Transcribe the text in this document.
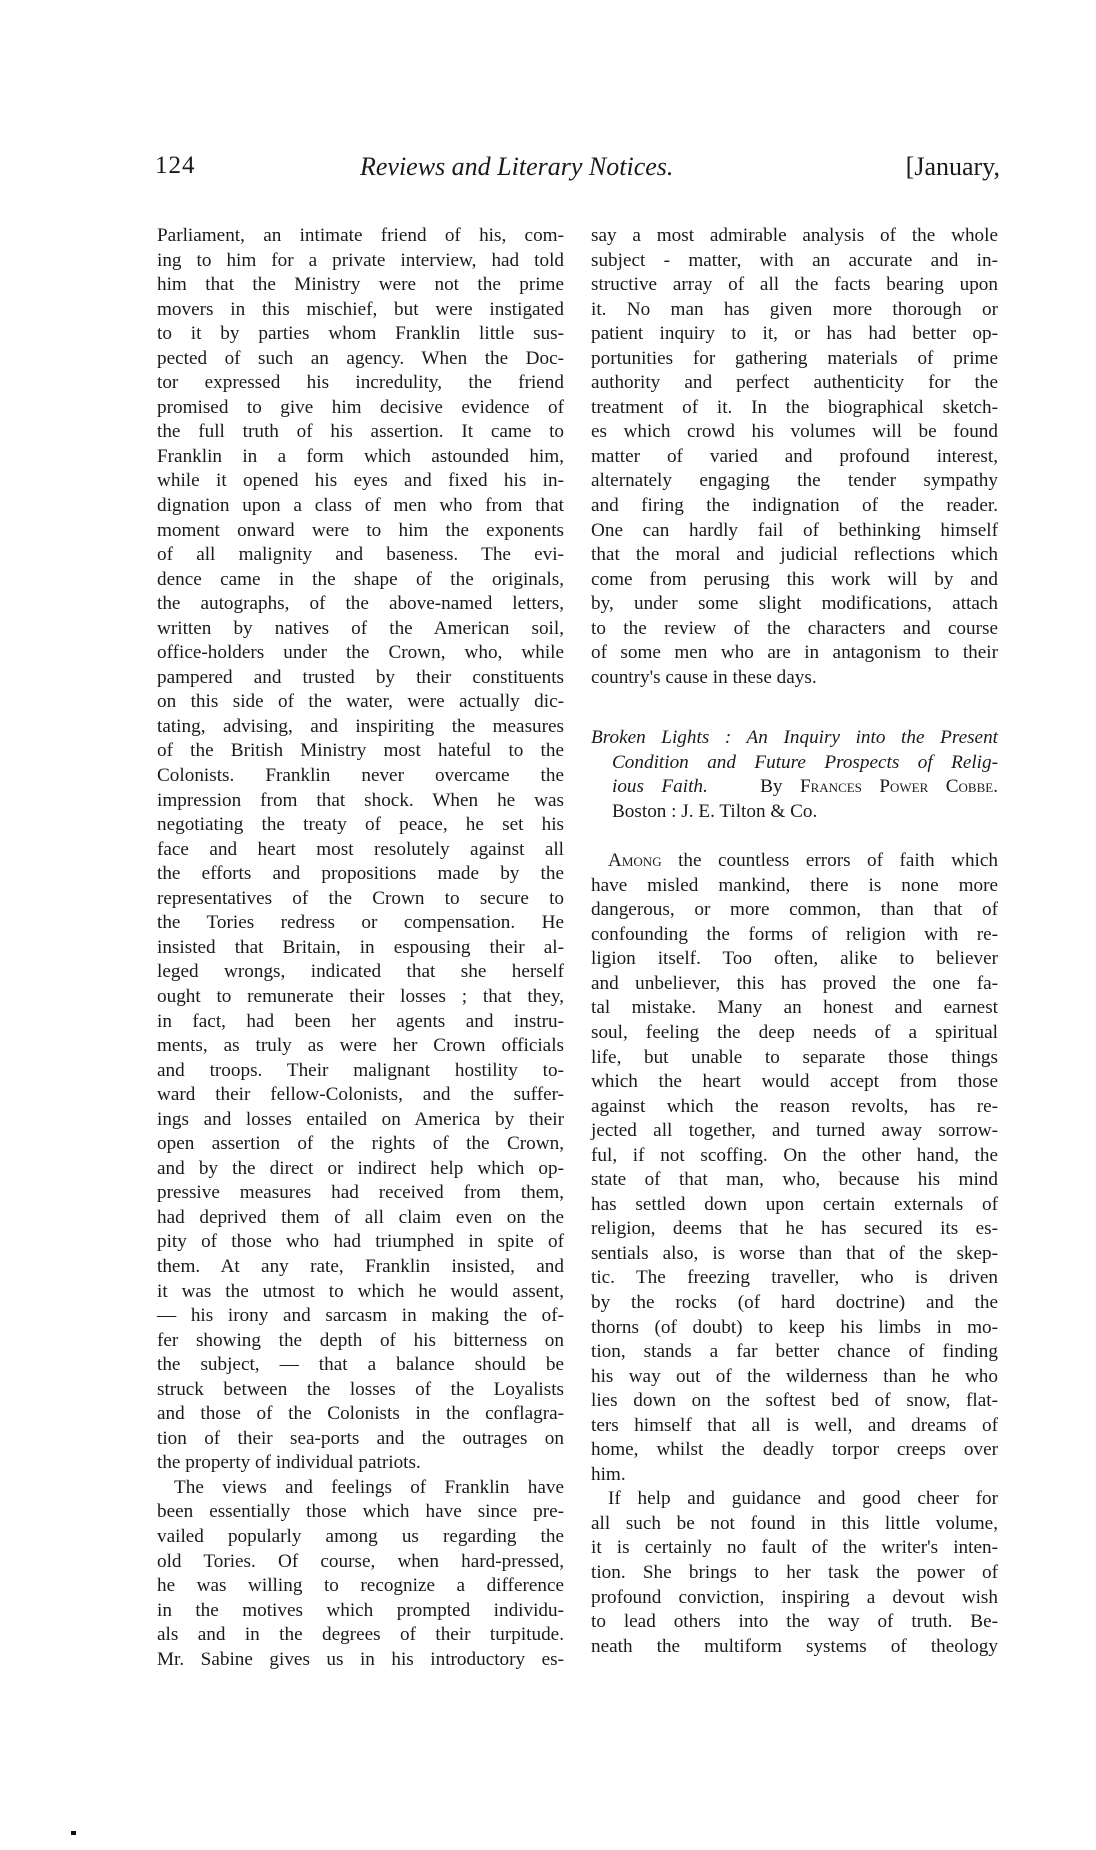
124	Reviews and Literary Notices.	[January,
Parliament, an intimate friend of his, com-
ing to him for a private interview, had told
him that the Ministry were not the prime
movers in this mischief, but were instigated
to it by parties whom Franklin little sus-
pected of such an agency. When the Doc-
tor expressed his incredulity, the friend
promised to give him decisive evidence of
the full truth of his assertion. It came to
Franklin in a form which astounded him,
while it opened his eyes and fixed his in-
dignation upon a class of men who from that
moment onward were to him the exponents
of all malignity and baseness. The evi-
dence came in the shape of the originals,
the autographs, of the above-named letters,
written by natives of the American soil,
office-holders under the Crown, who, while
pampered and trusted by their constituents
on this side of the water, were actually dic-
tating, advising, and inspiriting the measures
of the British Ministry most hateful to the
Colonists. Franklin never overcame the
impression from that shock. When he was
negotiating the treaty of peace, he set his
face and heart most resolutely against all
the efforts and propositions made by the
representatives of the Crown to secure to
the Tories redress or compensation. He
insisted that Britain, in espousing their al-
leged wrongs, indicated that she herself
ought to remunerate their losses ; that they,
in fact, had been her agents and instru-
ments, as truly as were her Crown officials
and troops. Their malignant hostility to-
ward their fellow-Colonists, and the suffer-
ings and losses entailed on America by their
open assertion of the rights of the Crown,
and by the direct or indirect help which op-
pressive measures had received from them,
had deprived them of all claim even on the
pity of those who had triumphed in spite of
them. At any rate, Franklin insisted, and
it was the utmost to which he would assent,
— his irony and sarcasm in making the of-
fer showing the depth of his bitterness on
the subject, — that a balance should be
struck between the losses of the Loyalists
and those of the Colonists in the conflagra-
tion of their sea-ports and the outrages on
the property of individual patriots.
The views and feelings of Franklin have
been essentially those which have since pre-
vailed popularly among us regarding the
old Tories. Of course, when hard-pressed,
he was willing to recognize a difference
in the motives which prompted individu-
als and in the degrees of their turpitude.
Mr. Sabine gives us in his introductory es-
say a most admirable analysis of the whole
subject - matter, with an accurate and in-
structive array of all the facts bearing upon
it. No man has given more thorough or
patient inquiry to it, or has had better op-
portunities for gathering materials of prime
authority and perfect authenticity for the
treatment of it. In the biographical sketch-
es which crowd his volumes will be found
matter of varied and profound interest,
alternately engaging the tender sympathy
and firing the indignation of the reader.
One can hardly fail of bethinking himself
that the moral and judicial reflections which
come from perusing this work will by and
by, under some slight modifications, attach
to the review of the characters and course
of some men who are in antagonism to their
country's cause in these days.
Broken Lights : An Inquiry into the Present
Condition and Future Prospects of Relig-
ious Faith.	By Frances Power Cobbe.
Boston : J. E. Tilton & Co.
Among the countless errors of faith which
have misled mankind, there is none more
dangerous, or more common, than that of
confounding the forms of religion with re-
ligion itself. Too often, alike to believer
and unbeliever, this has proved the one fa-
tal mistake. Many an honest and earnest
soul, feeling the deep needs of a spiritual
life, but unable to separate those things
which the heart would accept from those
against which the reason revolts, has re-
jected all together, and turned away sorrow-
ful, if not scoffing. On the other hand, the
state of that man, who, because his mind
has settled down upon certain externals of
religion, deems that he has secured its es-
sentials also, is worse than that of the skep-
tic. The freezing traveller, who is driven
by the rocks (of hard doctrine) and the
thorns (of doubt) to keep his limbs in mo-
tion, stands a far better chance of finding
his way out of the wilderness than he who
lies down on the softest bed of snow, flat-
ters himself that all is well, and dreams of
home, whilst the deadly torpor creeps over
him.
If help and guidance and good cheer for
all such be not found in this little volume,
it is certainly no fault of the writer's inten-
tion. She brings to her task the power of
profound conviction, inspiring a devout wish
to lead others into the way of truth. Be-
neath the multiform systems of theology
